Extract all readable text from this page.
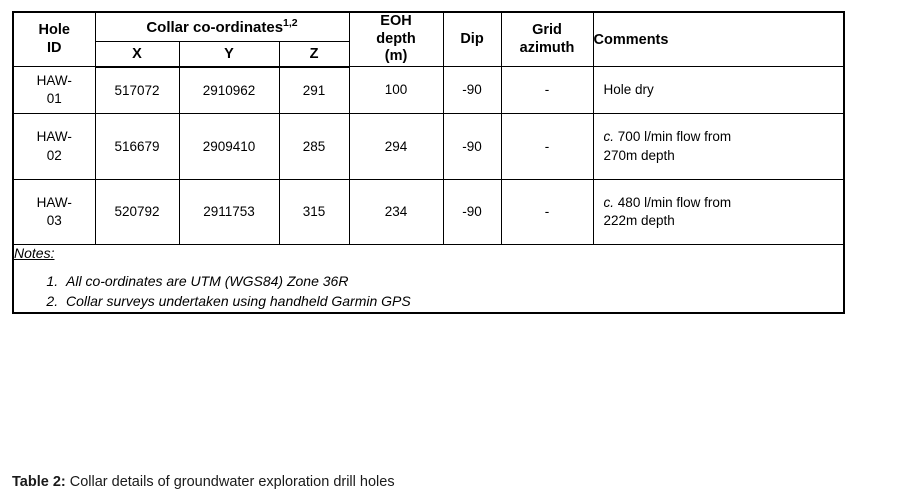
Hole
ID	Collar co-ordinates$^{1,2}$			EOH
depth
(m)	Dip	Grid
azimuth	Comments
	X	Y	Z				
HAW-
01	517072	2910962	291	100	-90	-	Hole dry
HAW-
02	516679	2909410	285	294	-90	-	c. 700 l/min flow from
270m depth
HAW-
03	520792	2911753	315	234	-90	-	c. 480 l/min flow from
222m depth

Notes:
1. All co-ordinates are UTM (WGS84) Zone 36R
2. Collar surveys undertaken using handheld Garmin GPS
Table 2: Collar details of groundwater exploration drill holes
